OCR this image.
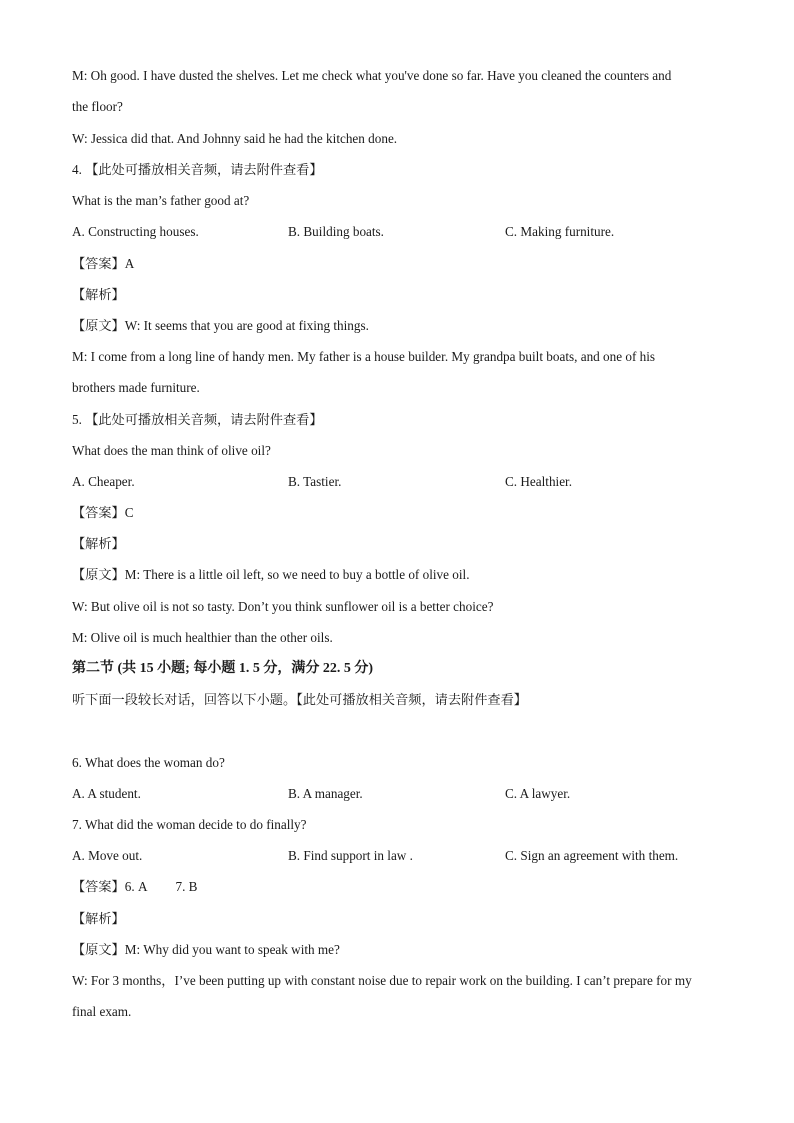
M: Oh good. I have dusted the shelves. Let me check what you've done so far. Have you cleaned the counters and
the floor?
W: Jessica did that. And Johnny said he had the kitchen done.
4. 【此处可播放相关音频，请去附件查看】
What is the man’s father good at?
A. Constructing houses.	B. Building boats.	C. Making furniture.
【答案】A
【解析】
【原文】W: It seems that you are good at fixing things.
M: I come from a long line of handy men. My father is a house builder. My grandpa built boats, and one of his
brothers made furniture.
5. 【此处可播放相关音频，请去附件查看】
What does the man think of olive oil?
A. Cheaper.	B. Tastier.	C. Healthier.
【答案】C
【解析】
【原文】M: There is a little oil left, so we need to buy a bottle of olive oil.
W: But olive oil is not so tasty. Don’t you think sunflower oil is a better choice?
M: Olive oil is much healthier than the other oils.
第二节 (共 15 小题; 每小题 1. 5 分，满分 22. 5 分)
听下面一段较长对话，回答以下小题。【此处可播放相关音频，请去附件查看】
6. What does the woman do?
A. A student.	B. A manager.	C. A lawyer.
7. What did the woman decide to do finally?
A. Move out.	B. Find support in law .	C. Sign an agreement with them.
【答案】6. A 7. B
【解析】
【原文】M: Why did you want to speak with me?
W: For 3 months，I’ve been putting up with constant noise due to repair work on the building. I can’t prepare for my
final exam.
